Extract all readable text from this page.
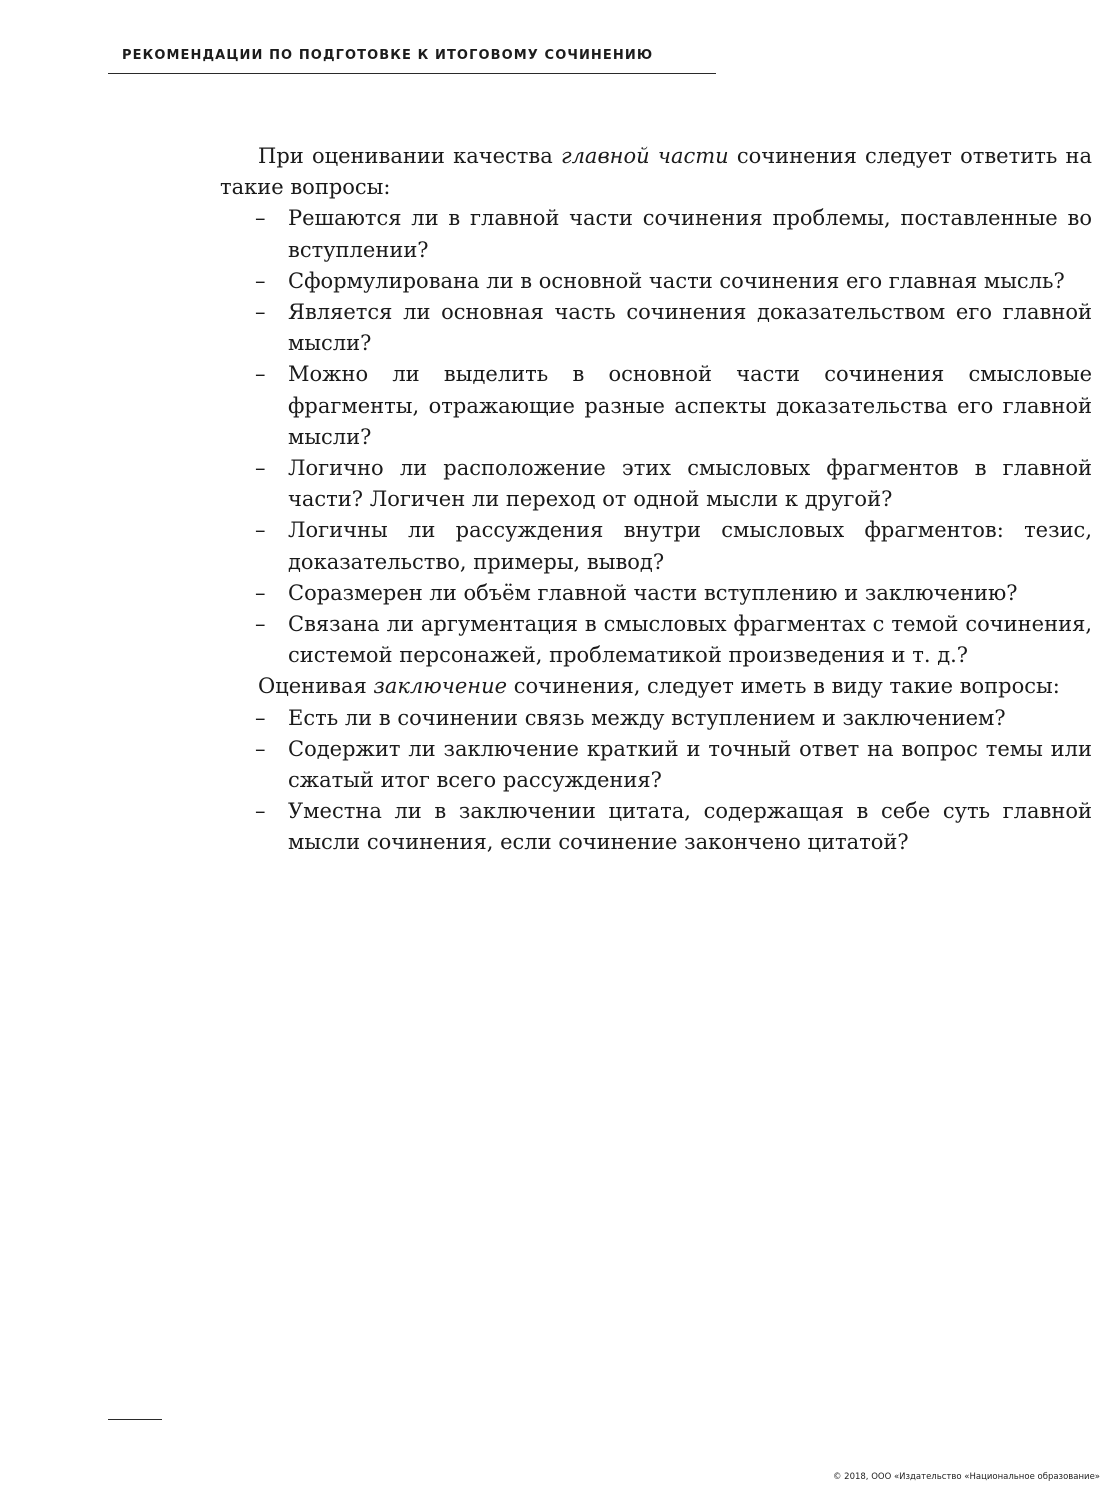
РЕКОМЕНДАЦИИ ПО ПОДГОТОВКЕ К ИТОГОВОМУ СОЧИНЕНИЮ

При оценивании качества главной части сочинения следует ответить на такие вопросы:

– Решаются ли в главной части сочинения проблемы, поставленные во вступлении?
– Сформулирована ли в основной части сочинения его главная мысль?
– Является ли основная часть сочинения доказательством его главной мысли?
– Можно ли выделить в основной части сочинения смысловые фрагменты, отражающие разные аспекты доказательства его главной мысли?
– Логично ли расположение этих смысловых фрагментов в главной части? Логичен ли переход от одной мысли к другой?
– Логичны ли рассуждения внутри смысловых фрагментов: тезис, доказательство, примеры, вывод?
– Соразмерен ли объём главной части вступлению и заключению?
– Связана ли аргументация в смысловых фрагментах с темой сочинения, системой персонажей, проблематикой произведения и т. д.?

Оценивая заключение сочинения, следует иметь в виду такие вопросы:

– Есть ли в сочинении связь между вступлением и заключением?
– Содержит ли заключение краткий и точный ответ на вопрос темы или сжатый итог всего рассуждения?
– Уместна ли в заключении цитата, содержащая в себе суть главной мысли сочинения, если сочинение закончено цитатой?
© 2018, ООО «Издательство «Национальное образование»
